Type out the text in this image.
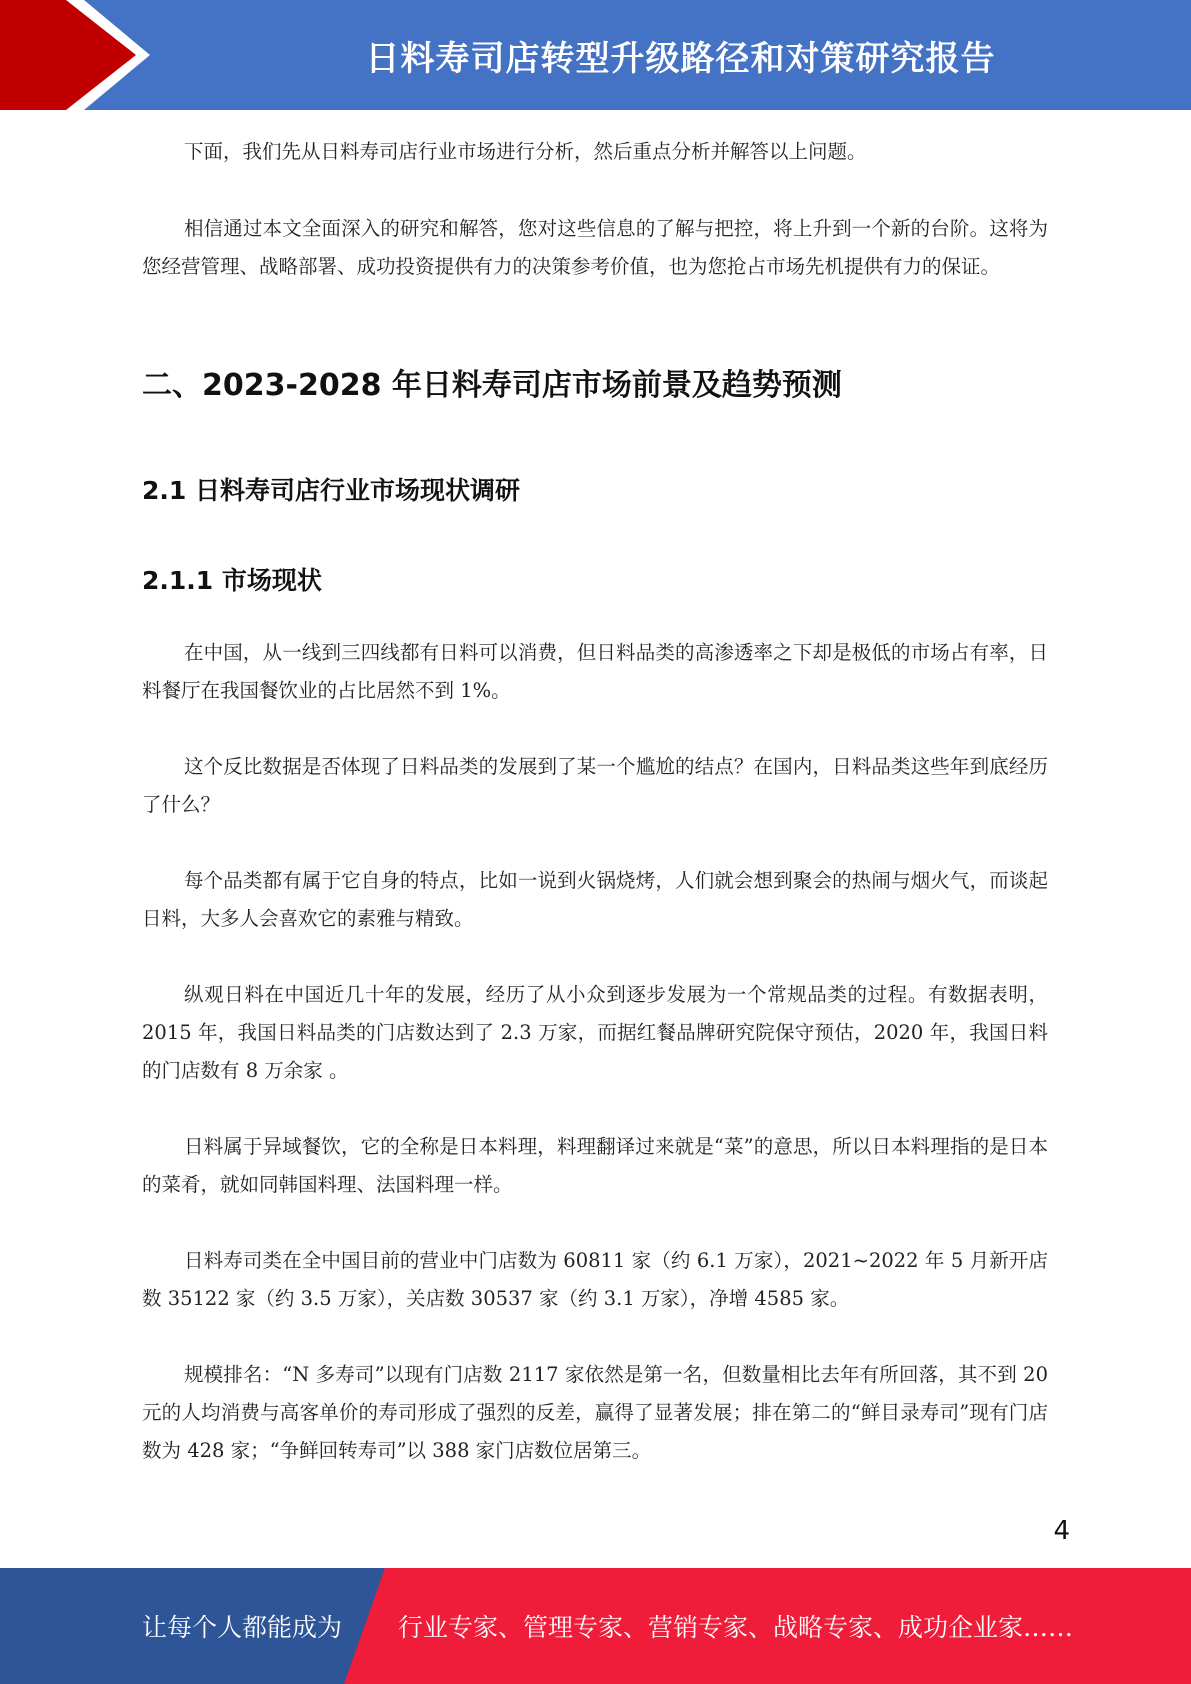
日料寿司店转型升级路径和对策研究报告
下面，我们先从日料寿司店行业市场进行分析，然后重点分析并解答以上问题。
相信通过本文全面深入的研究和解答，您对这些信息的了解与把控，将上升到一个新的台阶。这将为您经营管理、战略部署、成功投资提供有力的决策参考价值，也为您抢占市场先机提供有力的保证。
二、2023-2028 年日料寿司店市场前景及趋势预测
2.1 日料寿司店行业市场现状调研
2.1.1 市场现状
在中国，从一线到三四线都有日料可以消费，但日料品类的高渗透率之下却是极低的市场占有率，日料餐厅在我国餐饮业的占比居然不到 1%。
这个反比数据是否体现了日料品类的发展到了某一个尴尬的结点？在国内，日料品类这些年到底经历了什么？
每个品类都有属于它自身的特点，比如一说到火锅烧烤，人们就会想到聚会的热闹与烟火气，而谈起日料，大多人会喜欢它的素雅与精致。
纵观日料在中国近几十年的发展，经历了从小众到逐步发展为一个常规品类的过程。有数据表明，2015 年，我国日料品类的门店数达到了 2.3 万家，而据红餐品牌研究院保守预估，2020 年，我国日料的门店数有 8 万余家 。
日料属于异域餐饮，它的全称是日本料理，料理翻译过来就是“菜”的意思，所以日本料理指的是日本的菜肴，就如同韩国料理、法国料理一样。
日料寿司类在全中国目前的营业中门店数为 60811 家（约 6.1 万家），2021~2022 年 5 月新开店数 35122 家（约 3.5 万家），关店数 30537 家（约 3.1 万家），净增 4585 家。
规模排名：“N 多寿司”以现有门店数 2117 家依然是第一名，但数量相比去年有所回落，其不到 20 元的人均消费与高客单价的寿司形成了强烈的反差，赢得了显著发展；排在第二的“鲜目录寿司”现有门店数为 428 家；“争鲜回转寿司”以 388 家门店数位居第三。
4
让每个人都能成为 行业专家、管理专家、营销专家、战略专家、成功企业家……
